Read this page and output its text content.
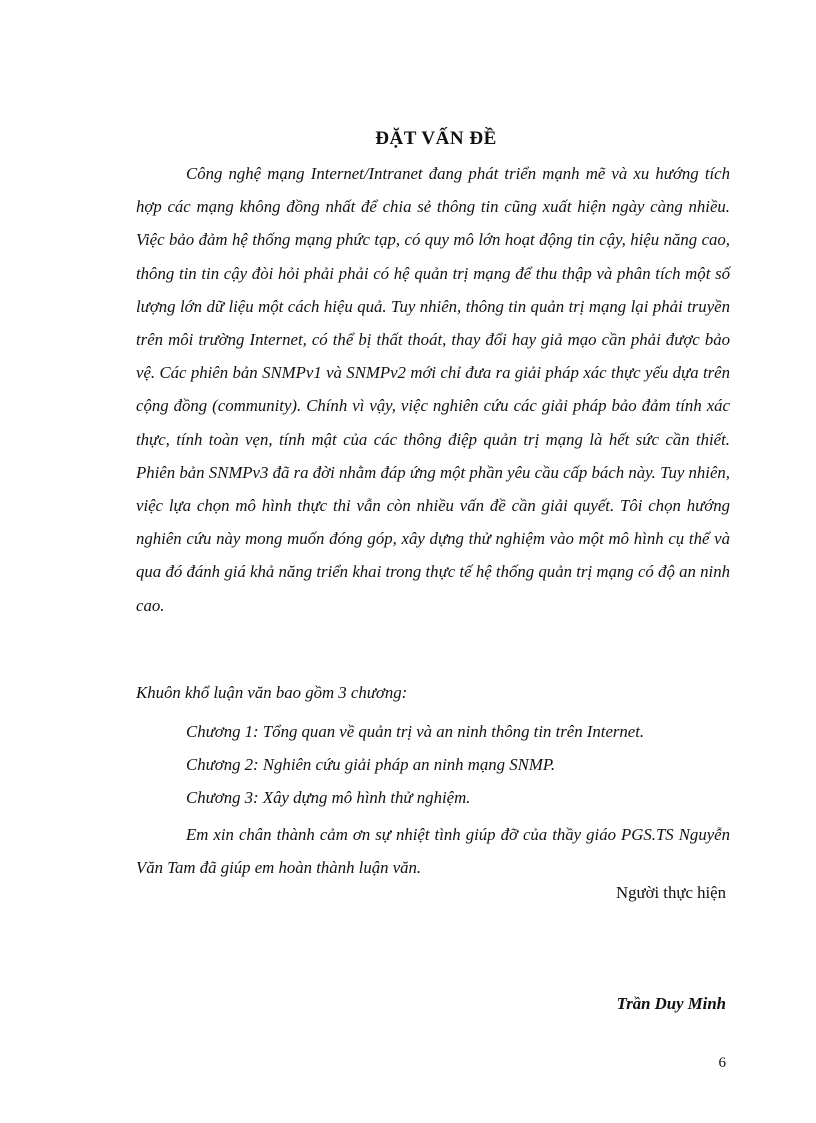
ĐẶT VẤN ĐỀ

Công nghệ mạng Internet/Intranet đang phát triển mạnh mẽ và xu hướng tích hợp các mạng không đồng nhất để chia sẻ thông tin cũng xuất hiện ngày càng nhiều. Việc bảo đảm hệ thống mạng phức tạp, có quy mô lớn hoạt động tin cậy, hiệu năng cao, thông tin tin cậy đòi hỏi phải phải có hệ quản trị mạng để thu thập và phân tích một số lượng lớn dữ liệu một cách hiệu quả. Tuy nhiên, thông tin quản trị mạng lại phải truyền trên môi trường Internet, có thể bị thất thoát, thay đổi hay giả mạo cần phải được bảo vệ. Các phiên bản SNMPv1 và SNMPv2 mới chỉ đưa ra giải pháp xác thực yếu dựa trên cộng đồng (community). Chính vì vậy, việc nghiên cứu các giải pháp bảo đảm tính xác thực, tính toàn vẹn, tính mật của các thông điệp quản trị mạng là hết sức cần thiết. Phiên bản SNMPv3 đã ra đời nhằm đáp ứng một phần yêu cầu cấp bách này. Tuy nhiên, việc lựa chọn mô hình thực thi vẫn còn nhiều vấn đề cần giải quyết. Tôi chọn hướng nghiên cứu này mong muốn đóng góp, xây dựng thử nghiệm vào một mô hình cụ thể và qua đó đánh giá khả năng triển khai trong thực tế hệ thống quản trị mạng có độ an ninh cao.

Khuôn khổ luận văn bao gồm 3 chương:

Chương 1: Tổng quan về quản trị và an ninh thông tin trên Internet.
Chương 2: Nghiên cứu giải pháp an ninh mạng SNMP.
Chương 3: Xây dựng mô hình thử nghiệm.

Em xin chân thành cảm ơn sự nhiệt tình giúp đỡ của thầy giáo PGS.TS Nguyễn Văn Tam đã giúp em hoàn thành luận văn.

Người thực hiện

Trần Duy Minh

6
